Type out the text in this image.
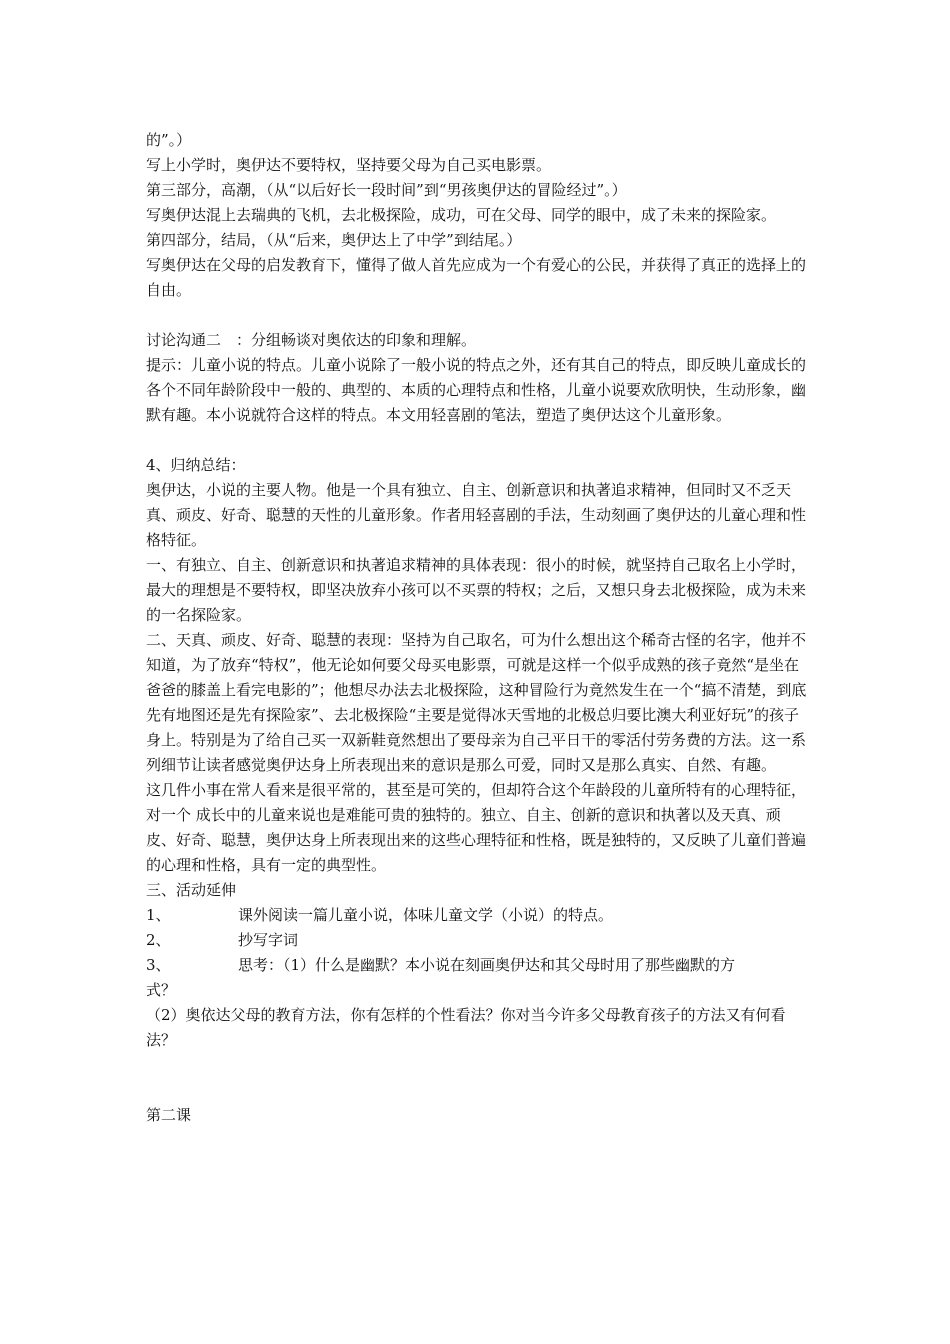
的”。）

写上小学时，奥伊达不要特权，坚持要父母为自己买电影票。

第三部分，高潮，（从“以后好长一段时间”到“男孩奥伊达的冒险经过”。）

写奥伊达混上去瑞典的飞机，去北极探险，成功，可在父母、同学的眼中，成了未来的探险家。

第四部分，结局，（从“后来，奥伊达上了中学”到结尾。）

写奥伊达在父母的启发教育下，懂得了做人首先应成为一个有爱心的公民，并获得了真正的选择上的自由。

讨论沟通二　：分组畅谈对奥依达的印象和理解。

提示：儿童小说的特点。儿童小说除了一般小说的特点之外，还有其自己的特点，即反映儿童成长的各个不同年龄阶段中一般的、典型的、本质的心理特点和性格，儿童小说要欢欣明快，生动形象，幽默有趣。本小说就符合这样的特点。本文用轻喜剧的笔法，塑造了奥伊达这个儿童形象。

4、归纳总结：

奥伊达，小说的主要人物。他是一个具有独立、自主、创新意识和执著追求精神，但同时又不乏天真、顽皮、好奇、聪慧的天性的儿童形象。作者用轻喜剧的手法，生动刻画了奥伊达的儿童心理和性格特征。

一、有独立、自主、创新意识和执著追求精神的具体表现：很小的时候，就坚持自己取名上小学时，最大的理想是不要特权，即坚决放弃小孩可以不买票的特权；之后，又想只身去北极探险，成为未来的一名探险家。

二、天真、顽皮、好奇、聪慧的表现：坚持为自己取名，可为什么想出这个稀奇古怪的名字，他并不知道，为了放弃“特权”，他无论如何要父母买电影票，可就是这样一个似乎成熟的孩子竟然“是坐在爸爸的膝盖上看完电影的”；他想尽办法去北极探险，这种冒险行为竟然发生在一个“搞不清楚，到底先有地图还是先有探险家”、去北极探险“主要是觉得冰天雪地的北极总归要比澳大利亚好玩”的孩子身上。特别是为了给自己买一双新鞋竟然想出了要母亲为自己平日干的零活付劳务费的方法。这一系列细节让读者感觉奥伊达身上所表现出来的意识是那么可爱，同时又是那么真实、自然、有趣。

这几件小事在常人看来是很平常的，甚至是可笑的，但却符合这个年龄段的儿童所特有的心理特征，对一个 成长中的儿童来说也是难能可贵的独特的。独立、自主、创新的意识和执著以及天真、顽皮、好奇、聪慧，奥伊达身上所表现出来的这些心理特征和性格，既是独特的，又反映了儿童们普遍的心理和性格，具有一定的典型性。

三、活动延伸

1、	课外阅读一篇儿童小说，体味儿童文学（小说）的特点。
2、	抄写字词
3、	思考：（1）什么是幽默？本小说在刻画奥伊达和其父母时用了那些幽默的方

式？

（2）奥依达父母的教育方法，你有怎样的个性看法？你对当今许多父母教育孩子的方法又有何看法？

第二课
